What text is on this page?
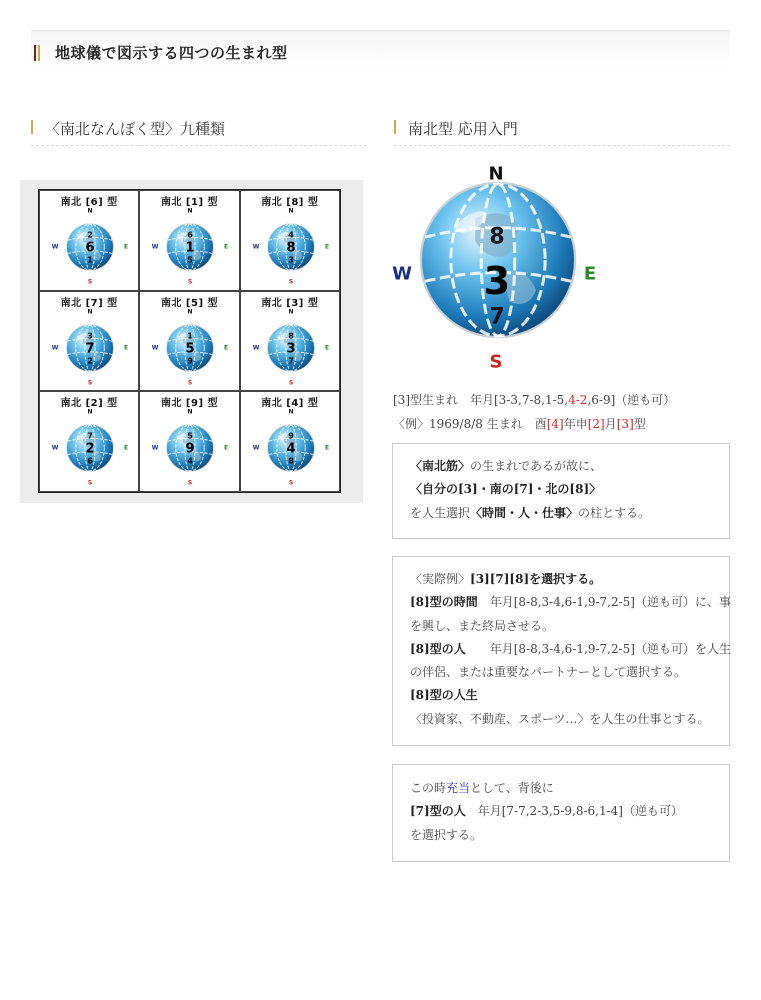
地球儀で図示する四つの生まれ型
〈南北なんぼく型〉九種類	南北型 応用入門
南北 [6] 型
N
S
W	E
2
6
1
南北 [1] 型
N
S
W	E
6
1
5
南北 [8] 型
N
S
W	E
4
8
3
南北 [7] 型
N
S
W	E
3
7
2
南北 [5] 型
N
S
W	E
1
5
9
南北 [3] 型
N
S
W	E
8
3
7
南北 [2] 型
N
S
W	E
7
2
6
南北 [9] 型
N
S
W	E
5
9
4
南北 [4] 型
N
S
W	E
9
4
8
N
S
W	E
8
3
7

[3]型生まれ　年月[3-3,7-8,1-5,4-2,6-9]（逆も可）

〈例〉1969/8/8 生まれ　酉[4]年申[2]月[3]型

〈南北筋〉の生まれであるが故に、

〈自分の[3]・南の[7]・北の[8]〉

を人生選択〈時間・人・仕事〉の柱とする。

〈実際例〉[3][7][8]を選択する。

[8]型の時間　年月[8-8,3-4,6-1,9-7,2-5]（逆も可）に、事

を興し、また終局させる。

[8]型の人　　年月[8-8,3-4,6-1,9-7,2-5]（逆も可）を人生

の伴侶、または重要なパートナーとして選択する。

[8]型の人生

〈投資家、不動産、スポーツ…〉を人生の仕事とする。

この時充当として、背後に

[7]型の人　年月[7-7,2-3,5-9,8-6,1-4]（逆も可）

を選択する。
